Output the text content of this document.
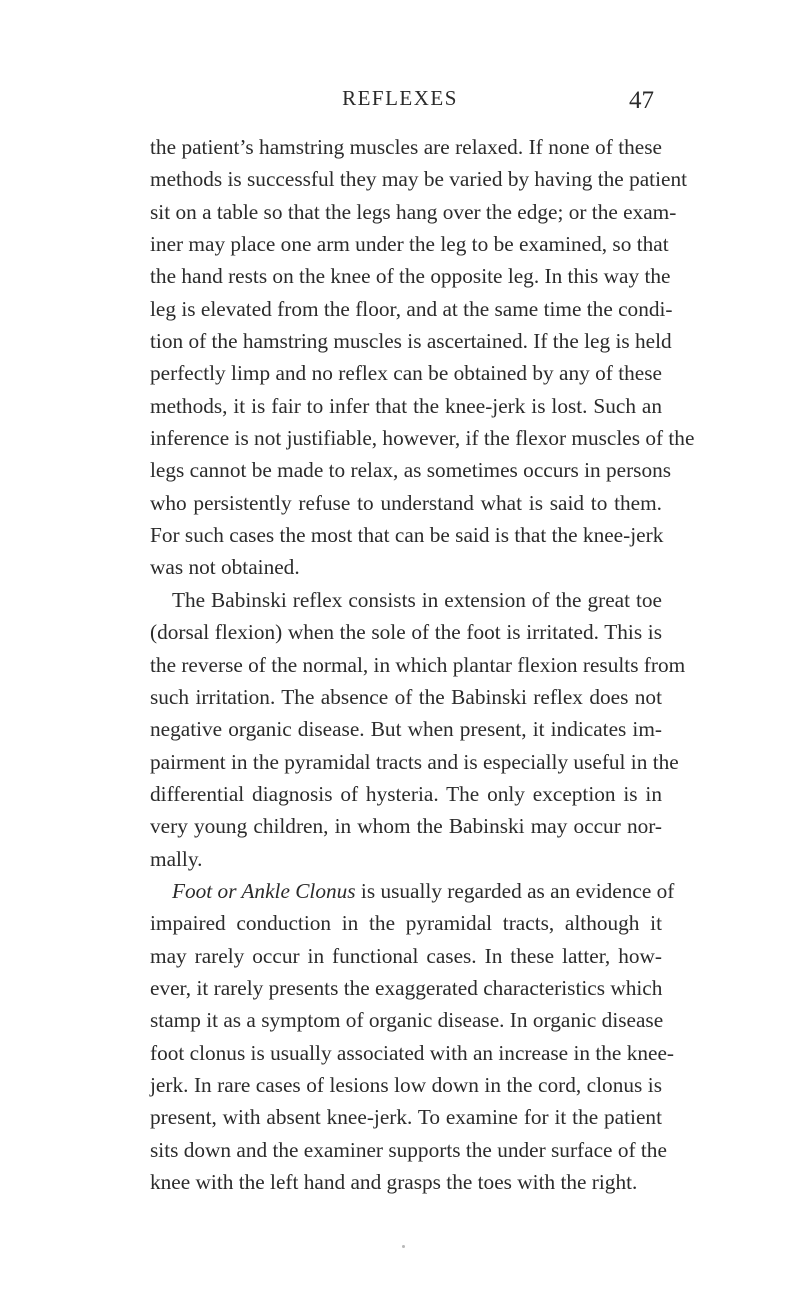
REFLEXES	47
the patient’s hamstring muscles are relaxed. If none of these
methods is successful they may be varied by having the patient
sit on a table so that the legs hang over the edge; or the exam-
iner may place one arm under the leg to be examined, so that
the hand rests on the knee of the opposite leg. In this way the
leg is elevated from the floor, and at the same time the condi-
tion of the hamstring muscles is ascertained. If the leg is held
perfectly limp and no reflex can be obtained by any of these
methods, it is fair to infer that the knee-jerk is lost. Such an
inference is not justifiable, however, if the flexor muscles of the
legs cannot be made to relax, as sometimes occurs in persons
who persistently refuse to understand what is said to them.
For such cases the most that can be said is that the knee-jerk
was not obtained.
The Babinski reflex consists in extension of the great toe
(dorsal flexion) when the sole of the foot is irritated. This is
the reverse of the normal, in which plantar flexion results from
such irritation. The absence of the Babinski reflex does not
negative organic disease. But when present, it indicates im-
pairment in the pyramidal tracts and is especially useful in the
differential diagnosis of hysteria. The only exception is in
very young children, in whom the Babinski may occur nor-
mally.
Foot or Ankle Clonus is usually regarded as an evidence of
impaired conduction in the pyramidal tracts, although it
may rarely occur in functional cases. In these latter, how-
ever, it rarely presents the exaggerated characteristics which
stamp it as a symptom of organic disease. In organic disease
foot clonus is usually associated with an increase in the knee-
jerk. In rare cases of lesions low down in the cord, clonus is
present, with absent knee-jerk. To examine for it the patient
sits down and the examiner supports the under surface of the
knee with the left hand and grasps the toes with the right.
